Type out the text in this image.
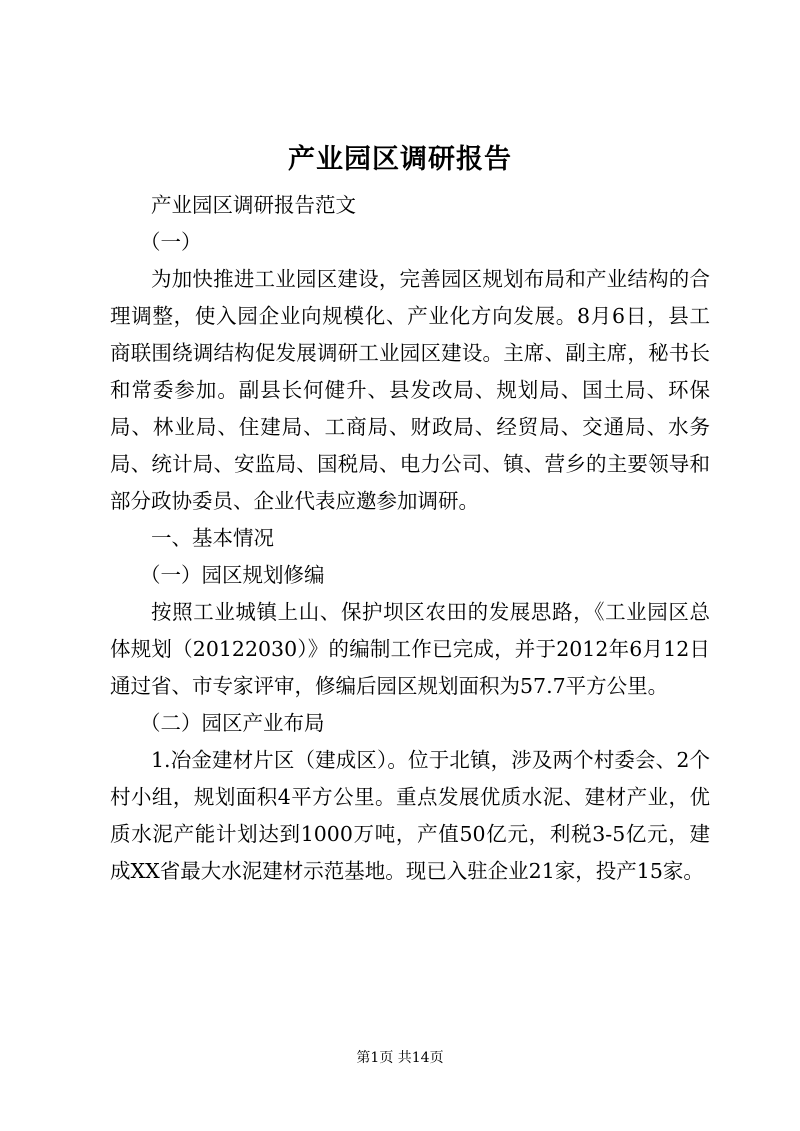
产业园区调研报告

产业园区调研报告范文

（一）

为加快推进工业园区建设，完善园区规划布局和产业结构的合理调整，使入园企业向规模化、产业化方向发展。8月6日，县工商联围绕调结构促发展调研工业园区建设。主席、副主席，秘书长和常委参加。副县长何健升、县发改局、规划局、国土局、环保局、林业局、住建局、工商局、财政局、经贸局、交通局、水务局、统计局、安监局、国税局、电力公司、镇、营乡的主要领导和部分政协委员、企业代表应邀参加调研。

一、基本情况

（一）园区规划修编

按照工业城镇上山、保护坝区农田的发展思路，《工业园区总体规划（20122030）》的编制工作已完成，并于2012年6月12日通过省、市专家评审，修编后园区规划面积为57.7平方公里。

（二）园区产业布局

1.冶金建材片区（建成区）。位于北镇，涉及两个村委会、2个村小组，规划面积4平方公里。重点发展优质水泥、建材产业，优质水泥产能计划达到1000万吨，产值50亿元，利税3-5亿元，建成XX省最大水泥建材示范基地。现已入驻企业21家，投产15家。

第1页 共14页
